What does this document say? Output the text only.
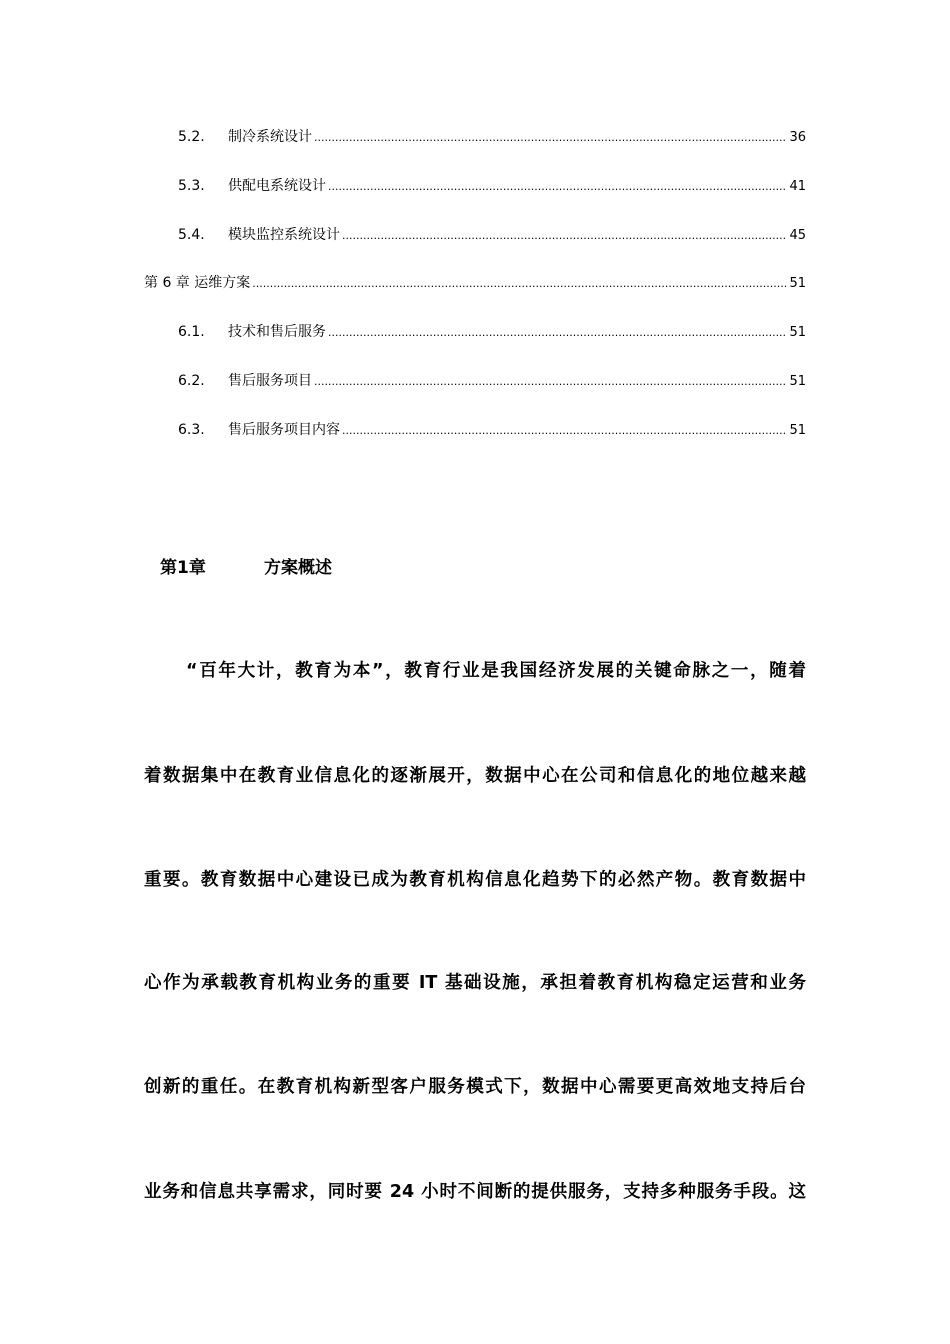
5.2.	制冷系统设计 .....	36
5.3.	供配电系统设计 .....	41
5.4.	模块监控系统设计 .....	45
第 6 章 运维方案 .....	51
6.1.	技术和售后服务 .....	51
6.2.	售后服务项目 .....	51
6.3.	售后服务项目内容 .....	51
第1章	方案概述
“百年大计，教育为本”，教育行业是我国经济发展的关键命脉之一，随着
着数据集中在教育业信息化的逐渐展开，数据中心在公司和信息化的地位越来越
重要。教育数据中心建设已成为教育机构信息化趋势下的必然产物。教育数据中
心作为承载教育机构业务的重要 IT 基础设施，承担着教育机构稳定运营和业务
创新的重任。在教育机构新型客户服务模式下，数据中心需要更高效地支持后台
业务和信息共享需求，同时要 24 小时不间断的提供服务，支持多种服务手段。这
